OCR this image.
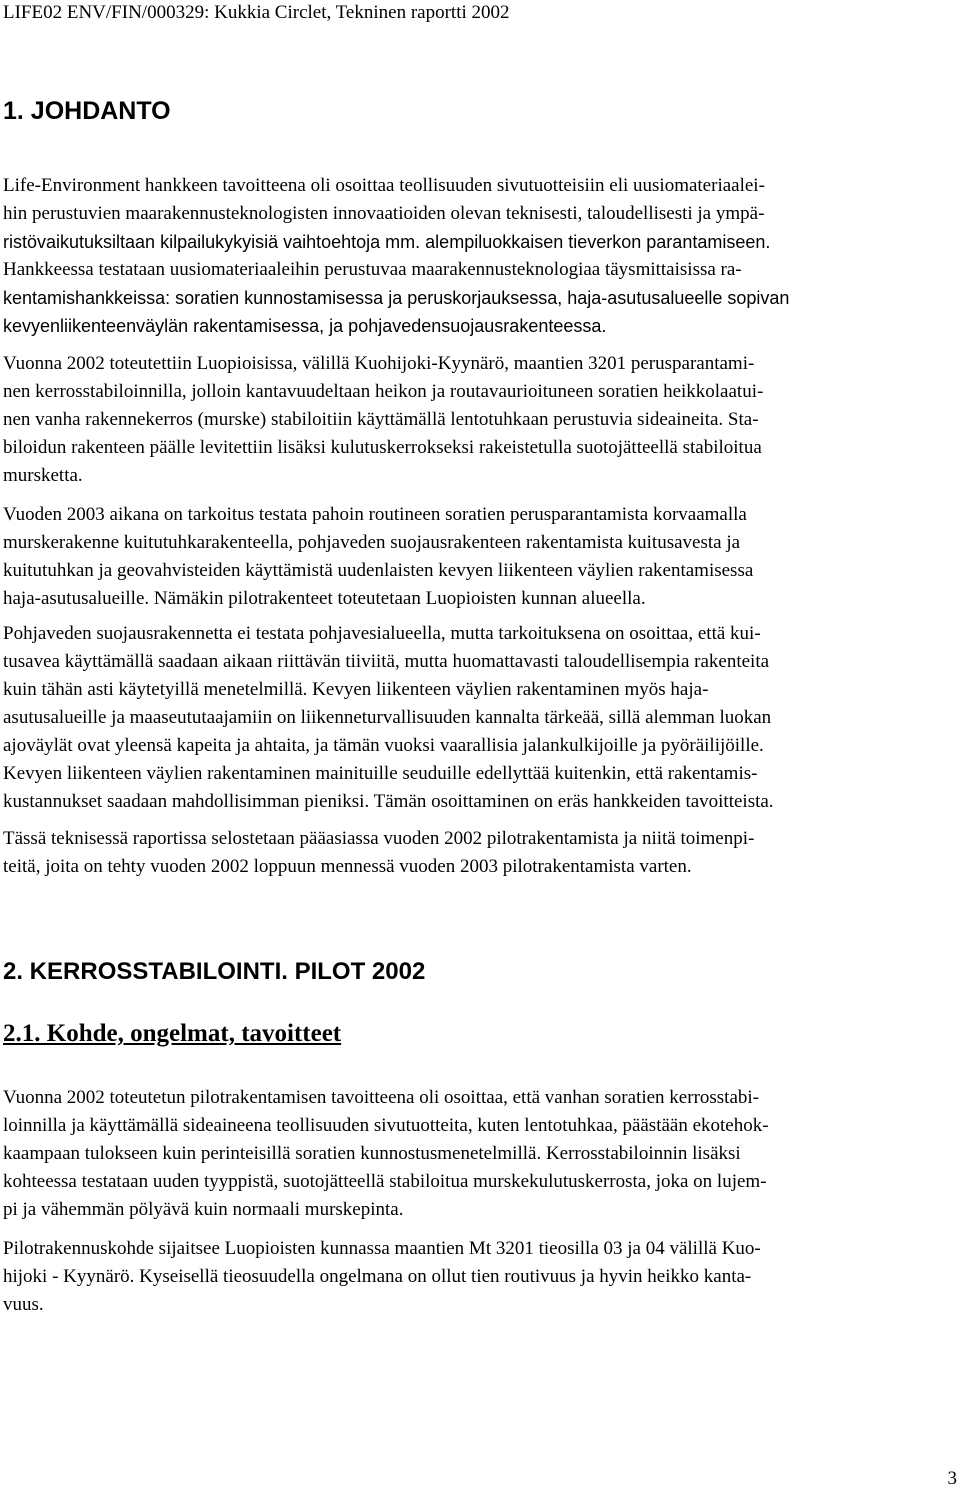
LIFE02 ENV/FIN/000329: Kukkia Circlet, Tekninen raportti 2002
1. JOHDANTO
Life-Environment hankkeen tavoitteena oli osoittaa teollisuuden sivutuotteisiin eli uusiomateriaalei-
hin perustuvien maarakennusteknologisten innovaatioiden olevan teknisesti, taloudellisesti ja ympä-
ristövaikutuksiltaan kilpailukykyisiä vaihtoehtoja mm. alempiluokkaisen tieverkon parantamiseen.
Hankkeessa testataan uusiomateriaaleihin perustuvaa maarakennusteknologiaa täysmittaisissa ra-
kentamishankkeissa: soratien kunnostamisessa ja peruskorjauksessa, haja-asutusalueelle sopivan
kevyenliikenteenväylän rakentamisessa, ja pohjavedensuojausrakenteessa.
Vuonna 2002 toteutettiin Luopioisissa, välillä Kuohijoki-Kyynärö, maantien 3201 perusparantami-
nen kerrosstabiloinnilla, jolloin kantavuudeltaan heikon ja routavaurioituneen soratien heikkolaatui-
nen vanha rakennekerros (murske) stabiloitiin käyttämällä lentotuhkaan perustuvia sideaineita. Sta-
biloidun rakenteen päälle levitettiin lisäksi kulutuskerrokseksi rakeistetulla suotojätteellä stabiloitua
mursketta.
Vuoden 2003 aikana on tarkoitus testata pahoin routineen soratien perusparantamista korvaamalla
murskerakenne kuitutuhkarakenteella, pohjaveden suojausrakenteen rakentamista kuitusavesta ja
kuitutuhkan ja geovahvisteiden käyttämistä uudenlaisten kevyen liikenteen väylien rakentamisessa
haja-asutusalueille. Nämäkin pilotrakenteet toteutetaan Luopioisten kunnan alueella.
Pohjaveden suojausrakennetta ei testata pohjavesialueella, mutta tarkoituksena on osoittaa, että kui-
tusavea käyttämällä saadaan aikaan riittävän tiiviitä, mutta huomattavasti taloudellisempia rakenteita
kuin tähän asti käytetyillä menetelmillä. Kevyen liikenteen väylien rakentaminen myös haja-
asutusalueille ja maaseututaajamiin on liikenneturvallisuuden kannalta tärkeää, sillä alemman luokan
ajoväylät ovat yleensä kapeita ja ahtaita, ja tämän vuoksi vaarallisia jalankulkijoille ja pyöräilijöille.
Kevyen liikenteen väylien rakentaminen mainituille seuduille edellyttää kuitenkin, että rakentamis-
kustannukset saadaan mahdollisimman pieniksi. Tämän osoittaminen on eräs hankkeiden tavoitteista.
Tässä teknisessä raportissa selostetaan pääasiassa vuoden 2002 pilotrakentamista ja niitä toimenpi-
teitä, joita on tehty vuoden 2002 loppuun mennessä vuoden 2003 pilotrakentamista varten.
2. KERROSSTABILOINTI. PILOT 2002
2.1. Kohde, ongelmat, tavoitteet
Vuonna 2002 toteutetun pilotrakentamisen tavoitteena oli osoittaa, että vanhan soratien kerrosstabi-
loinnilla ja käyttämällä sideaineena teollisuuden sivutuotteita, kuten lentotuhkaa, päästään ekotehok-
kaampaan tulokseen kuin perinteisillä soratien kunnostusmenetelmillä. Kerrosstabiloinnin lisäksi
kohteessa testataan uuden tyyppistä, suotojätteellä stabiloitua murskekulutuskerrosta, joka on lujem-
pi ja vähemmän pölyävä kuin normaali murskepinta.
Pilotrakennuskohde sijaitsee Luopioisten kunnassa maantien Mt 3201 tieosilla 03 ja 04 välillä Kuo-
hijoki - Kyynärö. Kyseisellä tieosuudella ongelmana on ollut tien routivuus ja hyvin heikko kanta-
vuus.
3
